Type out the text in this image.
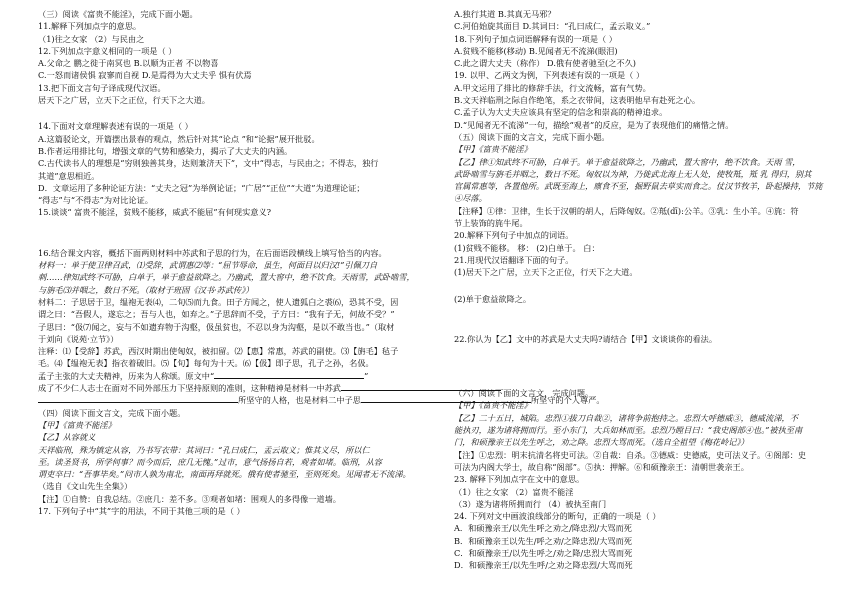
（三）阅读《富贵不能淫》，完成下面小题。
11.解释下列加点字的意思。
（1)往之女家 （2）与民由之
12.下列加点字意义相同的一项是（ ）
A.父命之 鹏之徙于南冥也 B.以顺为正者 不以物喜
C.一怒而诸侯惧 寂寥而自视 D.是焉得为大丈夫乎 惧有伏焉
13.把下面文言句子译成现代汉语。
居天下之广居，立天下之正位，行天下之大道。
14.下面对文章理解表述有误的一项是（ ）
A.这篇驳论文，开篇摆出景春的观点，然后针对其“论点 ”和“论据”展开批驳。
B.作者运用排比句，增强文章的气势和感染力，揭示了大丈夫的内涵。
C.古代读书人的理想是“穷则独善其身，达则兼济天下”，文中“得志，与民由之；不得志，独行
其道”意思相近。
D．文章运用了多种论证方法：“丈夫之冠”为举例论证；“广居”“正位”“大道”为道理论证；
“得志”与“不得志”为对比论证。
15.谈谈“ 富贵不能淫，贫贱不能移，威武不能屈”有何现实意义?
16.结合课文内容，概括下面两则材料中苏武和子思的行为，在后面语段横线上填写恰当的内容。
材料一：单于使卫律召武，⑴受辞，武谓惠⑵等：“屈节辱命，虽生，何面目以归汉!”引佩刀自
刺……律知武终不可胁，白单于，单于愈益欲降之。乃幽武，置大窖中，绝不饮食。天雨雪，武卧啮雪，
与旃毛⑶并咽之，数日不死。（取材于班固《汉书·苏武传》）
材料二：子思居于卫，缊袍无表⑷，二旬⑸而九食。田子方闻之，使人遗狐白之裘⑹，恐其不受，因
谓之曰：“吾假人，遂忘之；吾与人也，如弃之。”子思辞而不受，子方曰：“我有子无，何故不受？”
子思曰：“伋⑺闻之，妄与不如遗弃物于沟壑，伋虽贫也，不忍以身为沟壑，是以不敢当也。”（取材
于刘向《说苑·立节》）
注释：⑴【受辞】苏武，西汉时期出使匈奴，被扣留。⑵【惠】常惠，苏武的副使。⑶【旃毛】毡子
毛。⑷【缊袍无表】指衣着破旧。⑸【旬】每旬为十天。⑹【伋】即子思，孔子之孙，名伋。
孟子主张的大丈夫精神，历来为人称颂。原文中“	”
成了不少仁人志士在面对不同外部压力下坚持原则的准则，这种精神是材料一中苏武
所坚守的人格，也是材料二中子思	所坚守的个人尊严。
（四）阅读下面文言文，完成下面小题。
【甲】《富贵不能淫》
【乙】从容就义
天祥临刑，殊为镇定从容，乃书写衣带：其词曰：“孔曰成仁，孟云取义；惟其义尽，所以仁
至。读圣贤书，所学何事？而今而后，庶几无愧。”过市，意气扬扬自若，观者如堵。临刑，从容
谓吏卒曰：“吾事毕矣。”问市人孰为南北，南面再拜就死。俄有使者驰至，至则死矣。见闻者无不流涕。
（选自《文山先生全集》）
【注】①自赞：自我总结。②庶几：差不多。③观者如堵：围观人的多得像一道墙。
17. 下列句子中“其”字的用法，不同于其他三项的是（ ）
A.独行其道 B.其真无马邪？
C.河伯始旋其面目 D.其词曰：“孔曰成仁，孟云取义。”
18.下列句子加点词语解释有误的一项是（ ）
A.贫贱不能移(移动) B.见闻者无不流涕(眼泪)
C.此之谓大丈夫（称作） D.俄有使者驰至(之不久)
19. 以甲、乙两文为例，下列表述有误的一项是（ ）
A.甲文运用了排比的修辞手法，行文流畅，富有气势。
B.文天祥临刑之际自作绝笔，系之衣带间，这表明他早有赴死之心。
C.孟子认为大丈夫应该具有坚定的信念和崇高的精神追求。
D.“见闻者无不流涕”一句，描绘“观者”的反应，是为了表现他们的痛惜之情。
（五）阅读下面的文言文，完成下面小题。
【甲】《富贵不能淫》
【乙】律①知武终不可胁，白单于。单于愈益欲降之，乃幽武，置大窖中，绝不饮食。天雨 雪，
武卧啮雪与旃毛并咽之，数日不死。匈奴以为神，乃徙武北海上无人处，使牧羝，羝 乳 得归，别其
官属常惠等，各置他所。武既至海上，廪食不至，掘野鼠去草实而食之。仗汉节牧羊，卧起操持，节旄
④尽落。
【注释】①律：卫律，生长于汉朝的胡人，后降匈奴。②羝(dī):公羊。③乳：生小羊。④旄：符
节上装饰的旄牛尾。
20.解释下列句子中加点的词语。
(1)贫贱不能移。 移： (2)白单于。 白：
21.用现代汉语翻译下面的句子。
(1)居天下之广居，立天下之正位，行天下之大道。
(2)单于愈益欲降之。
22.你认为【乙】文中的苏武是大丈夫吗?请结合【甲】文谈谈你的看法。
（六）阅读下面的文言文，完成问题。
【甲】《富贵不能淫》
【乙】二十五日，城陷。忠烈①拔刀自裁②，诸将争前抱持之。忠烈大呼德威③，德威流涕，不
能执刃，遂为诸将拥而行。至小东门，大兵如林而至。忠烈乃瞠目曰：“我史阁部④也。”被执至南
门，和硕豫亲王以先生呼之，劝之降。忠烈大骂而死。（选自全祖望《梅花岭记》）
【注】①忠烈：明末抗清名将史可法。②自裁：自杀。③德威：史德威，史可法义子。④阁部：史
可法为内阁大学士，故自称“阁部”。⑤执：押解。⑥和硕豫亲王：清朝世袭亲王。
23. 解释下列加点字在文中的意思。
（1）往之女家 （2）富贵不能淫
（3）遂为诸将所拥而行 （4）被执至南门
24. 下列对文中画波浪线部分的断句，正确的一项是（ ）
A．和硕豫亲王/以先生呼之劝之/降忠烈/大骂而死
B．和硕豫亲王以先生/呼之劝/之降忠烈/大骂而死
C．和硕豫亲王/以先生呼之/劝之降/忠烈大骂而死
D．和硕豫亲王/以先生呼/之劝之降忠烈/大骂而死
